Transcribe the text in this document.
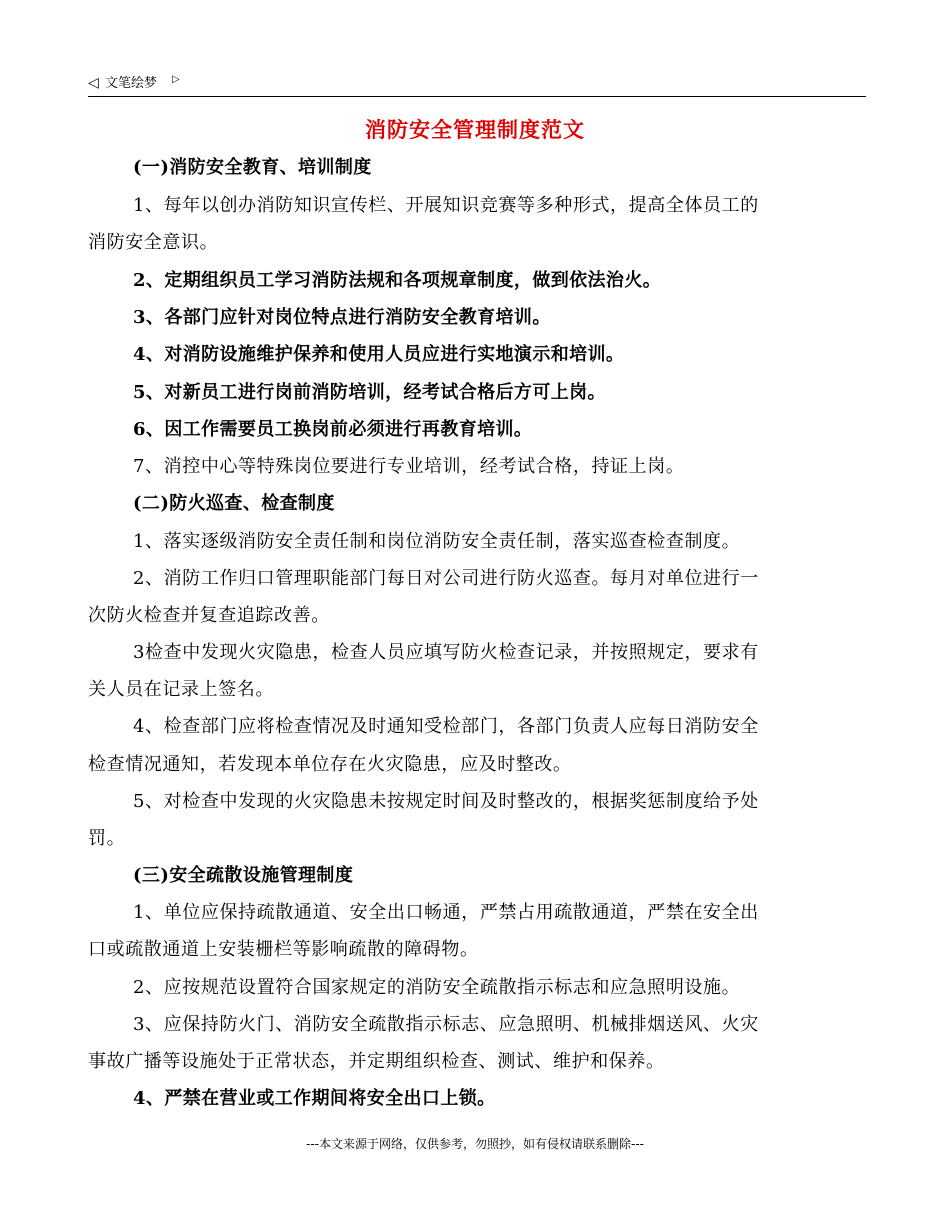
◁ 文笔绘梦 ▷
消防安全管理制度范文
(一)消防安全教育、培训制度
1、每年以创办消防知识宣传栏、开展知识竞赛等多种形式，提高全体员工的
消防安全意识。
2、定期组织员工学习消防法规和各项规章制度，做到依法治火。
3、各部门应针对岗位特点进行消防安全教育培训。
4、对消防设施维护保养和使用人员应进行实地演示和培训。
5、对新员工进行岗前消防培训，经考试合格后方可上岗。
6、因工作需要员工换岗前必须进行再教育培训。
7、消控中心等特殊岗位要进行专业培训，经考试合格，持证上岗。
(二)防火巡查、检查制度
1、落实逐级消防安全责任制和岗位消防安全责任制，落实巡查检查制度。
2、消防工作归口管理职能部门每日对公司进行防火巡查。每月对单位进行一
次防火检查并复查追踪改善。
3检查中发现火灾隐患，检查人员应填写防火检查记录，并按照规定，要求有
关人员在记录上签名。
4、检查部门应将检查情况及时通知受检部门，各部门负责人应每日消防安全
检查情况通知，若发现本单位存在火灾隐患，应及时整改。
5、对检查中发现的火灾隐患未按规定时间及时整改的，根据奖惩制度给予处
罚。
(三)安全疏散设施管理制度
1、单位应保持疏散通道、安全出口畅通，严禁占用疏散通道，严禁在安全出
口或疏散通道上安装栅栏等影响疏散的障碍物。
2、应按规范设置符合国家规定的消防安全疏散指示标志和应急照明设施。
3、应保持防火门、消防安全疏散指示标志、应急照明、机械排烟送风、火灾
事故广播等设施处于正常状态，并定期组织检查、测试、维护和保养。
4、严禁在营业或工作期间将安全出口上锁。
---本文来源于网络，仅供参考，勿照抄，如有侵权请联系删除---
